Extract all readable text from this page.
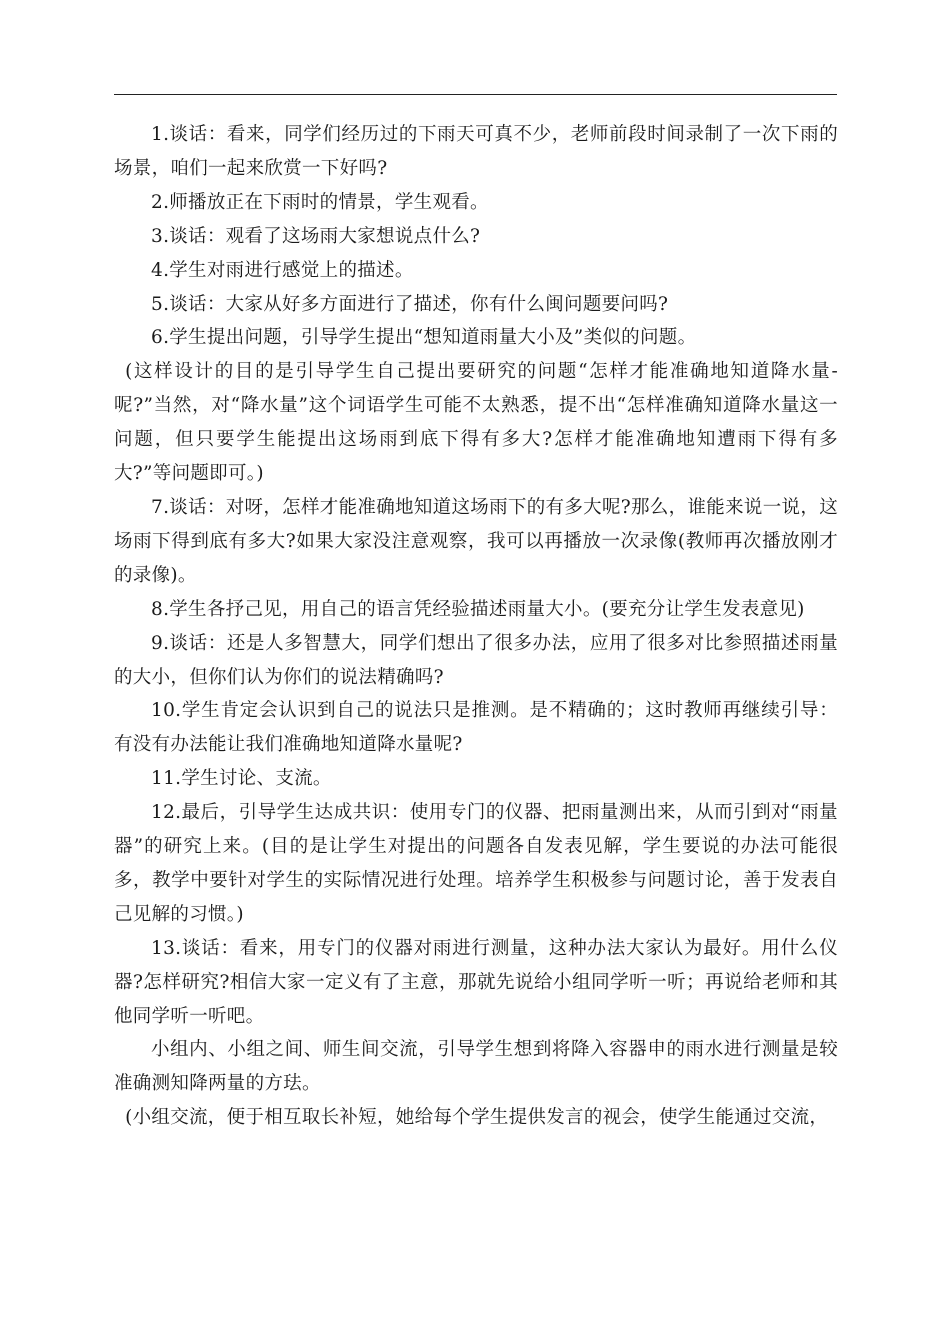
1.谈话：看来，同学们经历过的下雨天可真不少，老师前段时间录制了一次下雨的场景，咱们一起来欣赏一下好吗?

2.师播放正在下雨时的情景，学生观看。

3.谈话：观看了这场雨大家想说点什么?

4.学生对雨进行感觉上的描述。

5.谈话：大家从好多方面进行了描述，你有什么闽问题要问吗?

6.学生提出问题，引导学生提出“想知道雨量大小及”类似的问题。

(这样设计的目的是引导学生自己提出要研究的问题“怎样才能准确地知道降水量-呢?”当然，对“降水量”这个词语学生可能不太熟悉，提不出“怎样准确知道降水量这一问题，但只要学生能提出这场雨到底下得有多大?怎样才能准确地知遭雨下得有多大?”等问题即可。)

7.谈话：对呀，怎样才能准确地知道这场雨下的有多大呢?那么，谁能来说一说，这场雨下得到底有多大?如果大家没注意观察，我可以再播放一次录像(教师再次播放刚才的录像)。

8.学生各抒己见，用自己的语言凭经验描述雨量大小。(要充分让学生发表意见)

9.谈话：还是人多智慧大，同学们想出了很多办法，应用了很多对比参照描述雨量的大小，但你们认为你们的说法精确吗?

10.学生肯定会认识到自己的说法只是推测。是不精确的；这时教师再继续引导：有没有办法能让我们准确地知道降水量呢?

11.学生讨论、支流。

12.最后，引导学生达成共识：使用专门的仪器、把雨量测出来，从而引到对“雨量器”的研究上来。(目的是让学生对提出的问题各自发表见解，学生要说的办法可能很多，教学中要针对学生的实际情况进行处理。培养学生积极参与问题讨论，善于发表自己见解的习惯。)

13.谈话：看来，用专门的仪器对雨进行测量，这种办法大家认为最好。用什么仪器?怎样研究?相信大家一定义有了主意，那就先说给小组同学听一听；再说给老师和其他同学听一听吧。

小组内、小组之间、师生间交流，引导学生想到将降入容器申的雨水进行测量是较准确测知降两量的方珐。

(小组交流，便于相互取长补短，她给每个学生提供发言的视会，使学生能通过交流，
